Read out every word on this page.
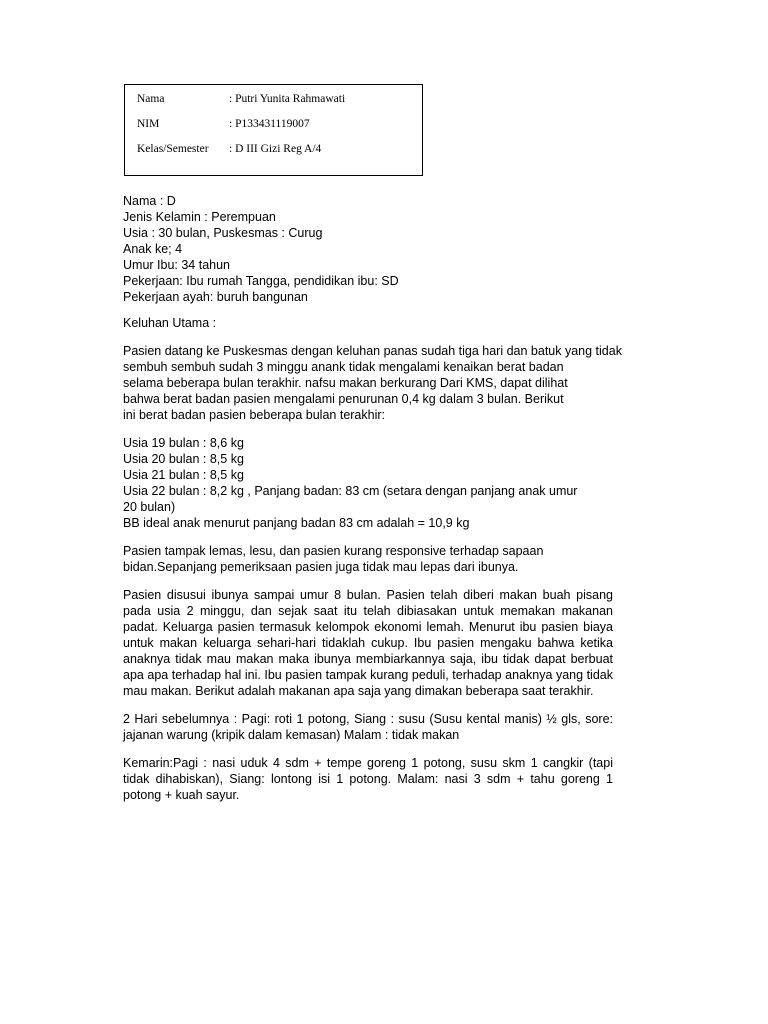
Nama	: Putri Yunita Rahmawati
NIM	: P133431119007
Kelas/Semester : D III Gizi Reg A/4
Nama : D
Jenis Kelamin : Perempuan
Usia : 30 bulan, Puskesmas : Curug
Anak ke; 4
Umur Ibu: 34 tahun
Pekerjaan: Ibu rumah Tangga, pendidikan ibu: SD
Pekerjaan ayah: buruh bangunan
Keluhan Utama :
Pasien datang ke Puskesmas dengan keluhan panas sudah tiga hari dan batuk yang tidak
sembuh sembuh sudah 3 minggu anank tidak mengalami kenaikan berat badan
selama beberapa bulan terakhir. nafsu makan berkurang Dari KMS, dapat dilihat
bahwa berat badan pasien mengalami penurunan 0,4 kg dalam 3 bulan. Berikut
ini berat badan pasien beberapa bulan terakhir:
Usia 19 bulan : 8,6 kg
Usia 20 bulan : 8,5 kg
Usia 21 bulan : 8,5 kg
Usia 22 bulan : 8,2 kg , Panjang badan: 83 cm (setara dengan panjang anak umur
20 bulan)
BB ideal anak menurut panjang badan 83 cm adalah = 10,9 kg
Pasien tampak lemas, lesu, dan pasien kurang responsive terhadap sapaan
bidan.Sepanjang pemeriksaan pasien juga tidak mau lepas dari ibunya.
Pasien disusui ibunya sampai umur 8 bulan. Pasien telah diberi makan buah pisang pada usia 2 minggu, dan sejak saat itu telah dibiasakan untuk memakan makanan padat. Keluarga pasien termasuk kelompok ekonomi lemah. Menurut ibu pasien biaya untuk makan keluarga sehari-hari tidaklah cukup. Ibu pasien mengaku bahwa ketika anaknya tidak mau makan maka ibunya membiarkannya saja, ibu tidak dapat berbuat apa apa terhadap hal ini. Ibu pasien tampak kurang peduli, terhadap anaknya yang tidak mau makan. Berikut adalah makanan apa saja yang dimakan beberapa saat terakhir.
2 Hari sebelumnya : Pagi: roti 1 potong, Siang : susu (Susu kental manis) ½ gls, sore: jajanan warung (kripik dalam kemasan) Malam : tidak makan
Kemarin:Pagi : nasi uduk 4 sdm + tempe goreng 1 potong, susu skm 1 cangkir (tapi tidak dihabiskan), Siang: lontong isi 1 potong. Malam: nasi 3 sdm + tahu goreng 1 potong + kuah sayur.
